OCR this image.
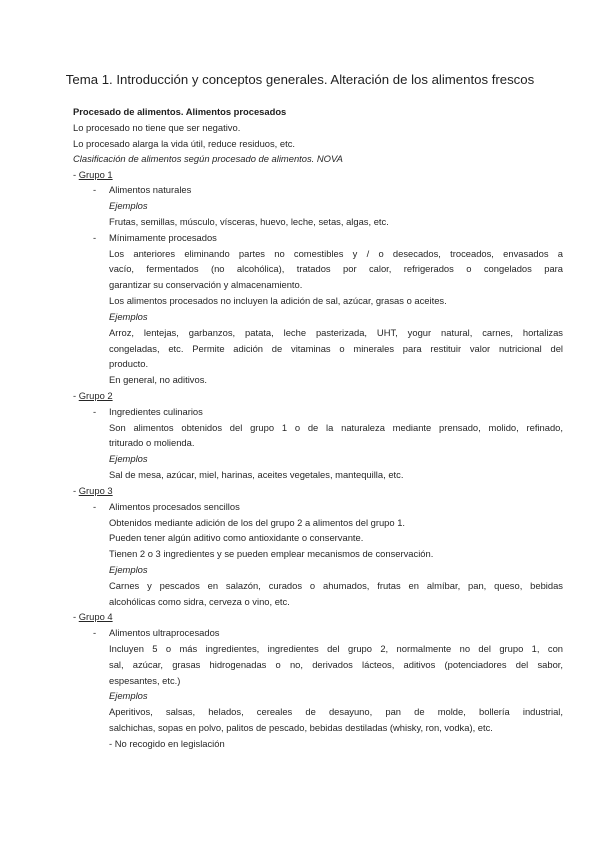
Tema 1. Introducción y conceptos generales. Alteración de los alimentos frescos
Procesado de alimentos. Alimentos procesados
Lo procesado no tiene que ser negativo.
Lo procesado alarga la vida útil, reduce residuos, etc.
Clasificación de alimentos según procesado de alimentos. NOVA
- Grupo 1
- Alimentos naturales
Ejemplos
Frutas, semillas, músculo, vísceras, huevo, leche, setas, algas, etc.
- Mínimamente procesados
Los anteriores eliminando partes no comestibles y / o desecados, troceados, envasados a
vacío, fermentados (no alcohólica), tratados por calor, refrigerados o congelados para
garantizar su conservación y almacenamiento.
Los alimentos procesados no incluyen la adición de sal, azúcar, grasas o aceites.
Ejemplos
Arroz, lentejas, garbanzos, patata, leche pasterizada, UHT, yogur natural, carnes, hortalizas
congeladas, etc. Permite adición de vitaminas o minerales para restituir valor nutricional del
producto.
En general, no aditivos.
- Grupo 2
- Ingredientes culinarios
Son alimentos obtenidos del grupo 1 o de la naturaleza mediante prensado, molido, refinado,
triturado o molienda.
Ejemplos
Sal de mesa, azúcar, miel, harinas, aceites vegetales, mantequilla, etc.
- Grupo 3
- Alimentos procesados sencillos
Obtenidos mediante adición de los del grupo 2 a alimentos del grupo 1.
Pueden tener algún aditivo como antioxidante o conservante.
Tienen 2 o 3 ingredientes y se pueden emplear mecanismos de conservación.
Ejemplos
Carnes y pescados en salazón, curados o ahumados, frutas en almíbar, pan, queso, bebidas
alcohólicas como sidra, cerveza o vino, etc.
- Grupo 4
- Alimentos ultraprocesados
Incluyen 5 o más ingredientes, ingredientes del grupo 2, normalmente no del grupo 1, con
sal, azúcar, grasas hidrogenadas o no, derivados lácteos, aditivos (potenciadores del sabor,
espesantes, etc.)
Ejemplos
Aperitivos, salsas, helados, cereales de desayuno, pan de molde, bollería industrial,
salchichas, sopas en polvo, palitos de pescado, bebidas destiladas (whisky, ron, vodka), etc.
- No recogido en legislación
